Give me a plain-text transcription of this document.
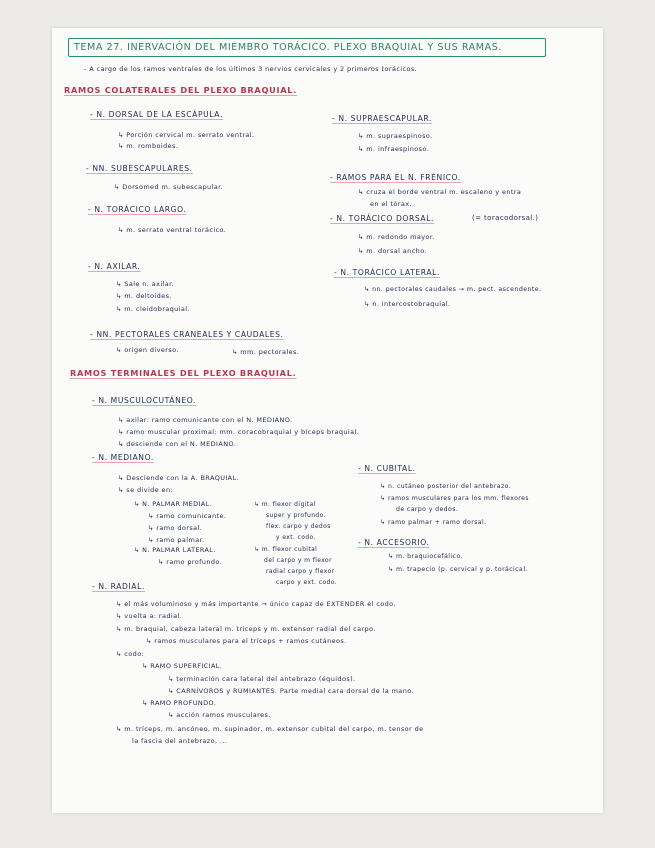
TEMA 27. INERVACIÓN DEL MIEMBRO TORÁCICO. PLEXO BRAQUIAL Y SUS RAMAS.
- A cargo de los ramos ventrales de los últimos 3 nervios cervicales y 2 primeros torácicos.
RAMOS COLATERALES DEL PLEXO BRAQUIAL.
- N. DORSAL DE LA ESCÁPULA.
↳ Porción cervical m. serrato ventral.
↳ m. romboides.
- NN. SUBESCAPULARES.
↳ Dorsomed m. subescapular.
- N. TORÁCICO LARGO.
↳ m. serrato ventral torácico.
- N. AXILAR.
↳ Sale n. axilar.
↳ m. deltoides.
↳ m. cleidobraquial.
- NN. PECTORALES CRANEALES Y CAUDALES.
↳ origen diverso.	↳ mm. pectorales.
- N. SUPRAESCAPULAR.
↳ m. supraespinoso.
↳ m. infraespinoso.
- RAMOS PARA EL N. FRÉNICO.
↳ cruza el borde ventral m. escaleno y entra
en el tórax.
- N. TORÁCICO DORSAL.	(= toracodorsal.)
↳ m. redondo mayor.
↳ m. dorsal ancho.
- N. TORÁCICO LATERAL.
↳ nn. pectorales caudales → m. pect. ascendente.
↳ n. intercostobraquial.
RAMOS TERMINALES DEL PLEXO BRAQUIAL.
- N. MUSCULOCUTÁNEO.
↳ axilar: ramo comunicante con el N. MEDIANO.
↳ ramo muscular proximal: mm. coracobraquial y bíceps braquial.
↳ desciende con el N. MEDIANO.
- N. MEDIANO.
↳ Desciende con la A. BRAQUIAL.
↳ se divide en:
↳ N. PALMAR MEDIAL.
↳ ramo comunicante.
↳ ramo dorsal.
↳ ramo palmar.
↳ m. flexor digital
super y profundo.
flex. carpo y dedos
y ext. codo.
↳ N. PALMAR LATERAL.
↳ ramo profundo.
↳ m. flexor cubital
del carpo y m flexor
radial carpo y flexor
carpo y ext. codo.
- N. CUBITAL.
↳ n. cutáneo posterior del antebrazo.
↳ ramos musculares para los mm. flexores
de carpo y dedos.
↳ ramo palmar + ramo dorsal.
- N. ACCESORIO.
↳ m. braquiocefálico.
↳ m. trapecio (p. cervical y p. torácica).
- N. RADIAL.
↳ el más voluminoso y más importante → único capaz de EXTENDER el codo.
↳ vuelta a: radial.
↳ m. braquial, cabeza lateral m. tríceps y m. extensor radial del carpo.
↳ ramos musculares para el tríceps + ramos cutáneos.
↳ codo:
↳ RAMO SUPERFICIAL.
↳ terminación cara lateral del antebrazo (équidos).
↳ CARNÍVOROS y RUMIANTES. Parte medial cara dorsal de la mano.
↳ RAMO PROFUNDO.
↳ acción ramos musculares.
↳ m. tríceps, m. ancóneo, m. supinador, m. extensor cubital del carpo, m. tensor de
la fascia del antebrazo, ...
